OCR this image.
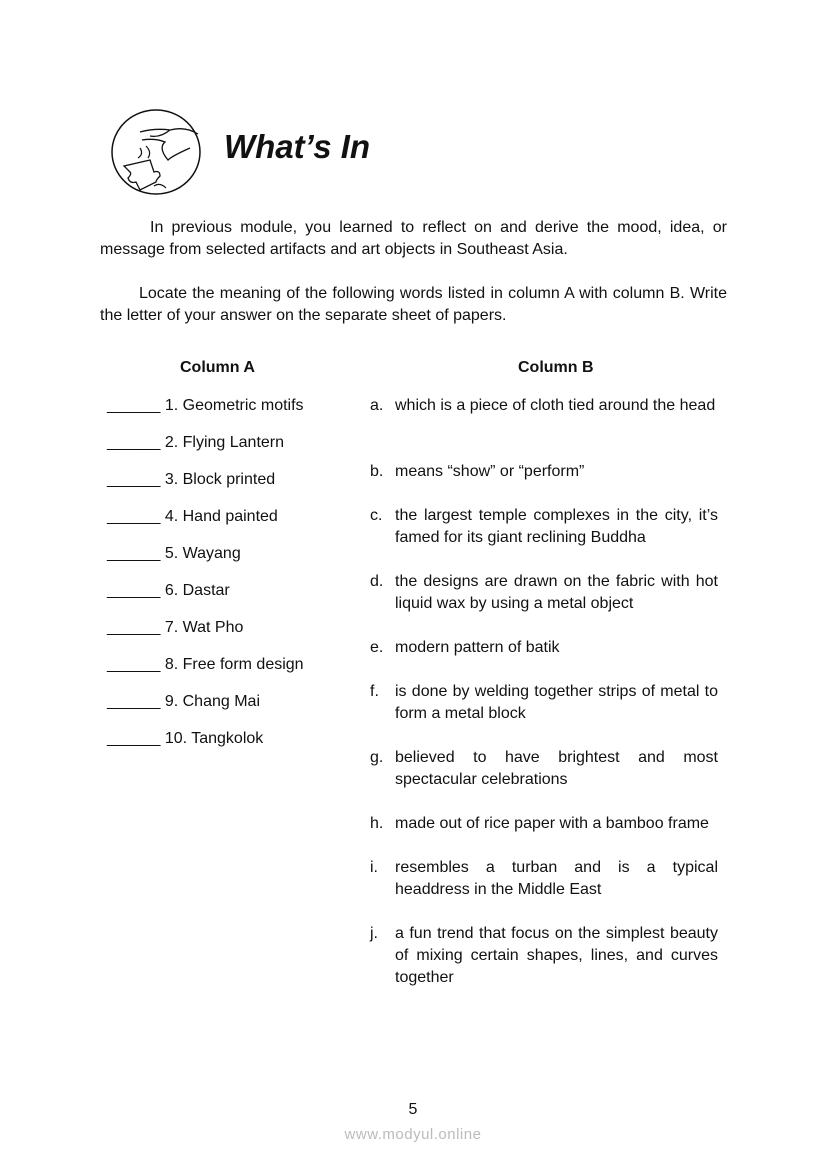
What’s In
In previous module, you learned to reflect on and derive the mood, idea, or message from selected artifacts and art objects in Southeast Asia.
Locate the meaning of the following words listed in column A with column B. Write the letter of your answer on the separate sheet of papers.
Column A	Column B
______ 1. Geometric motifs
______ 2. Flying Lantern
______ 3. Block printed
______ 4. Hand painted
______ 5. Wayang
______ 6. Dastar
______ 7. Wat Pho
______ 8. Free form design
______ 9. Chang Mai
______ 10. Tangkolok
a. which is a piece of cloth tied around the head
b. means “show” or “perform”
c. the largest temple complexes in the city, it’s famed for its giant reclining Buddha
d. the designs are drawn on the fabric with hot liquid wax by using a metal object
e. modern pattern of batik
f. is done by welding together strips of metal to form a metal block
g. believed to have brightest and most spectacular celebrations
h. made out of rice paper with a bamboo frame
i. resembles a turban and is a typical headdress in the Middle East
j. a fun trend that focus on the simplest beauty of mixing certain shapes, lines, and curves together
5
www.modyul.online
